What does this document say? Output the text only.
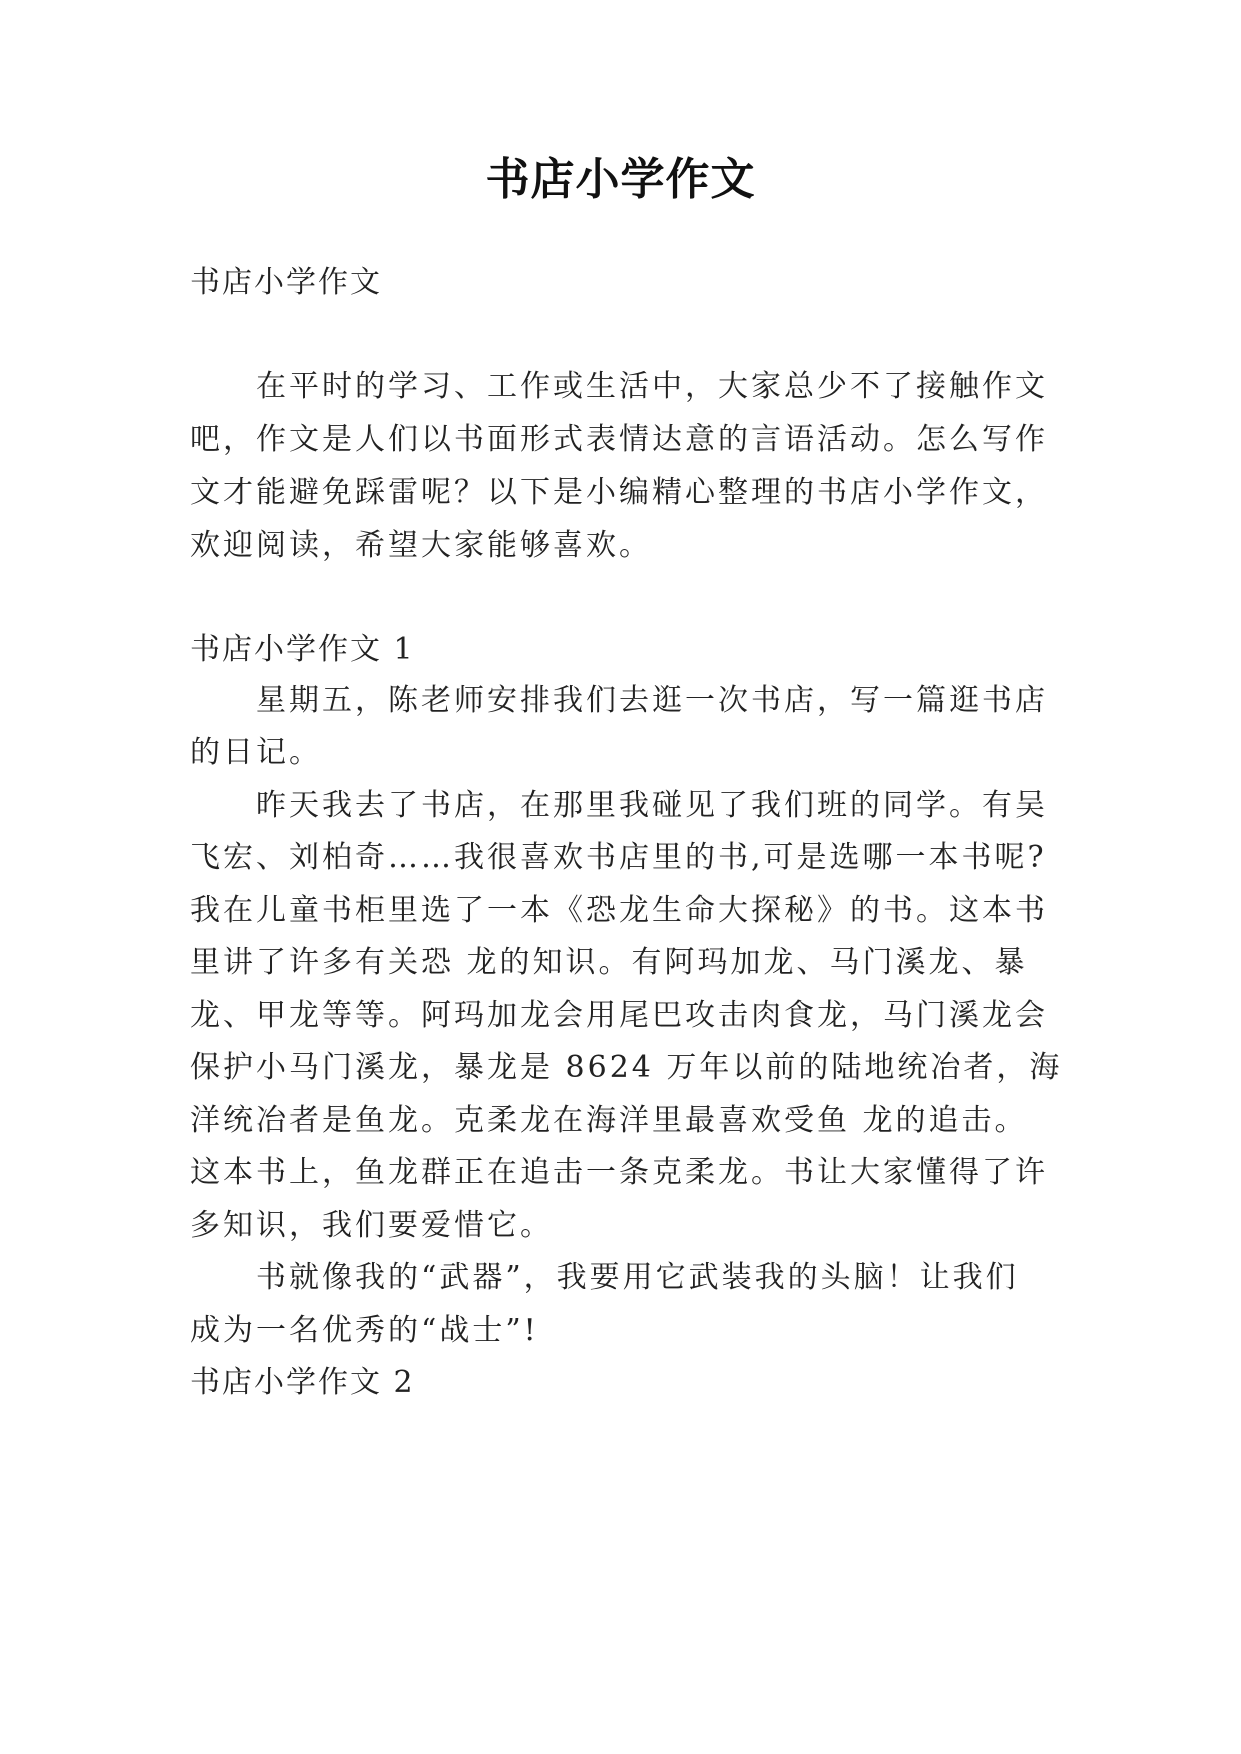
书店小学作文
书店小学作文
在平时的学习、工作或生活中，大家总少不了接触作文
吧，作文是人们以书面形式表情达意的言语活动。怎么写作
文才能避免踩雷呢？以下是小编精心整理的书店小学作文，
欢迎阅读，希望大家能够喜欢。
书店小学作文 1
星期五，陈老师安排我们去逛一次书店，写一篇逛书店
的日记。
昨天我去了书店，在那里我碰见了我们班的同学。有吴
飞宏、刘柏奇……我很喜欢书店里的书,可是选哪一本书呢?
我在儿童书柜里选了一本《恐龙生命大探秘》的书。这本书
里讲了许多有关恐 龙的知识。有阿玛加龙、马门溪龙、暴
龙、甲龙等等。阿玛加龙会用尾巴攻击肉食龙，马门溪龙会
保护小马门溪龙，暴龙是 8624 万年以前的陆地统冶者，海
洋统冶者是鱼龙。克柔龙在海洋里最喜欢受鱼 龙的追击。
这本书上，鱼龙群正在追击一条克柔龙。书让大家懂得了许
多知识，我们要爱惜它。
书就像我的“武器”，我要用它武装我的头脑！让我们
成为一名优秀的“战士”!
书店小学作文 2
